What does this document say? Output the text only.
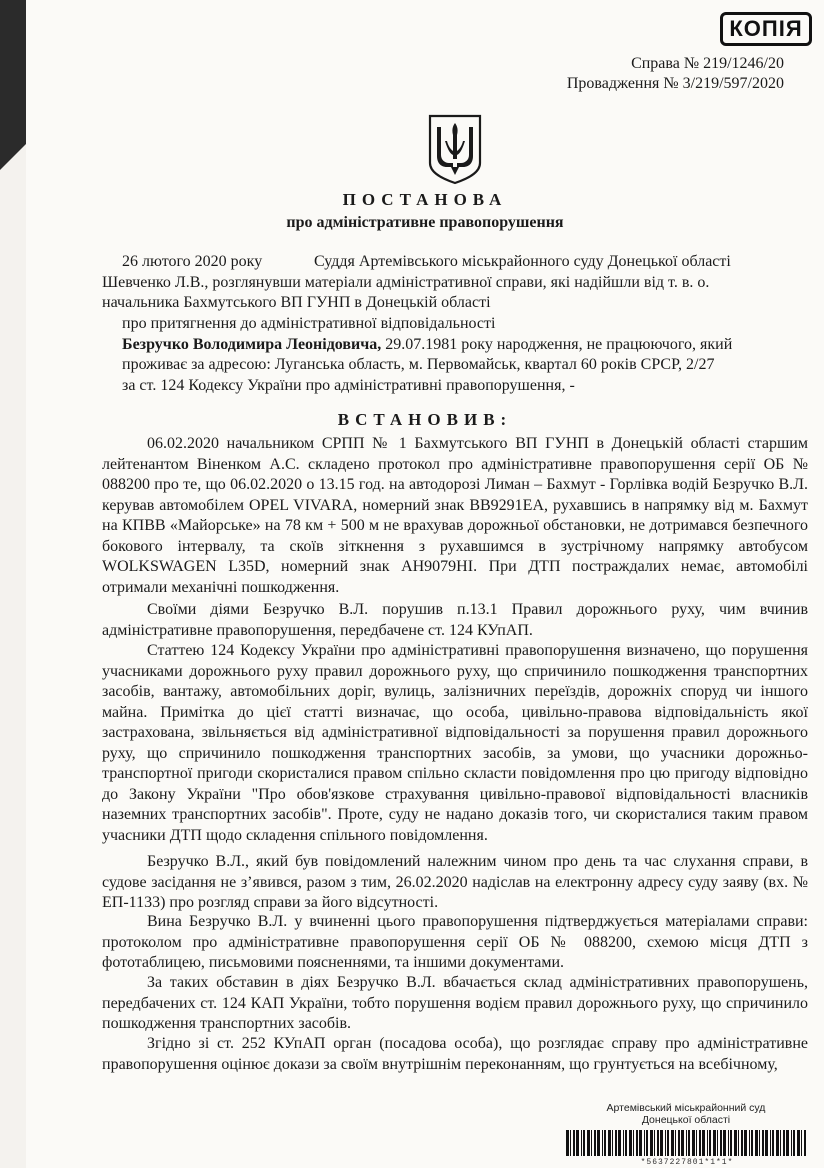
КОПІЯ
Справа № 219/1246/20
Провадження № 3/219/597/2020
ПОСТАНОВА
про адміністративне правопорушення
26 лютого 2020 року	Суддя Артемівського міськрайонного суду Донецької області
Шевченко Л.В., розглянувши матеріали адміністративної справи, які надійшли від т. в. о.
начальника Бахмутського ВП ГУНП в Донецькій області
про притягнення до адміністративної відповідальності
Безручко Володимира Леонідовича, 29.07.1981 року народження, не працюючого, який
проживає за адресою: Луганська область, м. Первомайськ, квартал 60 років СРСР, 2/27
за ст. 124 Кодексу України про адміністративні правопорушення, -
ВСТАНОВИВ:
06.02.2020 начальником СРПП № 1 Бахмутського ВП ГУНП в Донецькій області старшим лейтенантом Віненком А.С. складено протокол про адміністративне правопорушення серії ОБ № 088200 про те, що 06.02.2020 о 13.15 год. на автодорозі Лиман – Бахмут - Горлівка водій Безручко В.Л. керував автомобілем OPEL VIVARA, номерний знак ВВ9291ЕА, рухавшись в напрямку від м. Бахмут на КПВВ «Майорське» на 78 км + 500 м не врахував дорожньої обстановки, не дотримався безпечного бокового інтервалу, та скоїв зіткнення з рухавшимся в зустрічному напрямку автобусом WOLKSWAGEN L35D, номерний знак АН9079НІ. При ДТП постраждалих немає, автомобілі отримали механічні пошкодження.
Своїми діями Безручко В.Л. порушив п.13.1 Правил дорожнього руху, чим вчинив адміністративне правопорушення, передбачене ст. 124 КУпАП.
Статтею 124 Кодексу України про адміністративні правопорушення визначено, що порушення учасниками дорожнього руху правил дорожнього руху, що спричинило пошкодження транспортних засобів, вантажу, автомобільних доріг, вулиць, залізничних переїздів, дорожніх споруд чи іншого майна. Примітка до цієї статті визначає, що особа, цивільно-правова відповідальність якої застрахована, звільняється від адміністративної відповідальності за порушення правил дорожнього руху, що спричинило пошкодження транспортних засобів, за умови, що учасники дорожньо-транспортної пригоди скористалися правом спільно скласти повідомлення про цю пригоду відповідно до Закону України "Про обов'язкове страхування цивільно-правової відповідальності власників наземних транспортних засобів". Проте, суду не надано доказів того, чи скористалися таким правом учасники ДТП щодо складення спільного повідомлення.
Безручко В.Л., який був повідомлений належним чином про день та час слухання справи, в судове засідання не з’явився, разом з тим, 26.02.2020 надіслав на електронну адресу суду заяву (вх. № ЕП-1133) про розгляд справи за його відсутності.
Вина Безручко В.Л. у вчиненні цього правопорушення підтверджується матеріалами справи: протоколом про адміністративне правопорушення серії ОБ № 088200, схемою місця ДТП з фототаблицею, письмовими поясненнями, та іншими документами.
За таких обставин в діях Безручко В.Л. вбачається склад адміністративних правопорушень, передбачених ст. 124 КАП України, тобто порушення водієм правил дорожнього руху, що спричинило пошкодження транспортних засобів.
Згідно зі ст. 252 КУпАП орган (посадова особа), що розглядає справу про адміністративне правопорушення оцінює докази за своїм внутрішнім переконанням, що грунтується на всебічному,
Артемівський міськрайонний суд
Донецької області
*5637227801*1*1*
